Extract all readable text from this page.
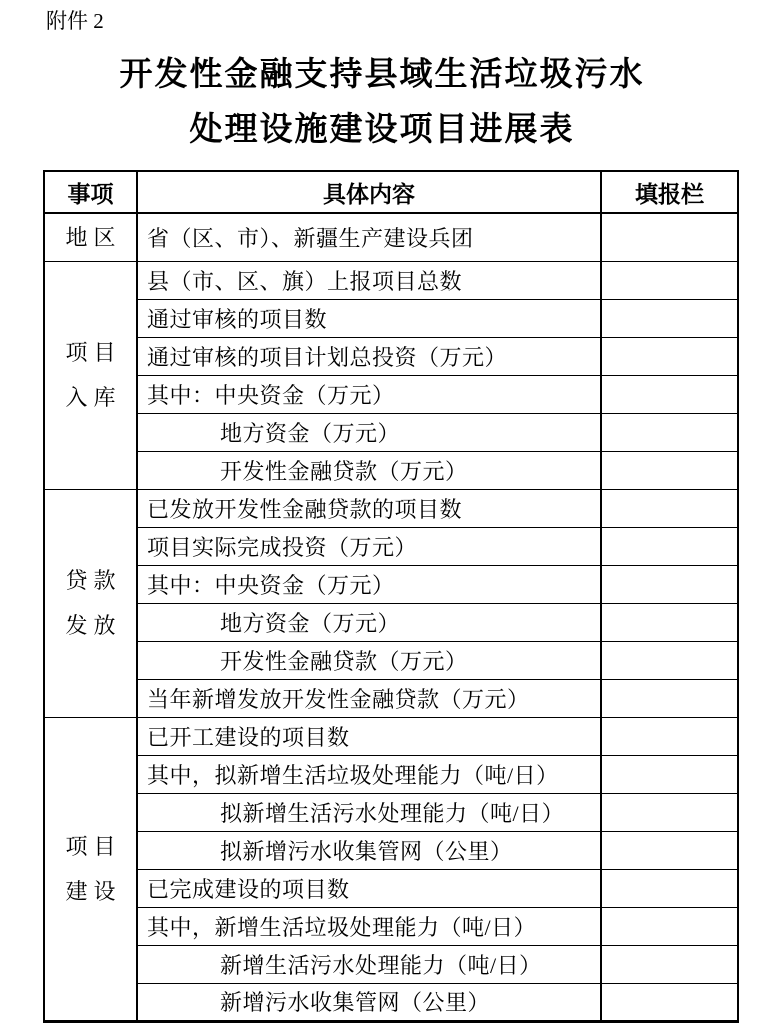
附件 2
开发性金融支持县域生活垃圾污水
处理设施建设项目进展表
事项	具体内容	填报栏

地区	省（区、市）、新疆生产建设兵团	

项目
入库	县（市、区、旗）上报项目总数	
	通过审核的项目数	
	通过审核的项目计划总投资（万元）	
	其中：中央资金（万元）	
	地方资金（万元）	
	开发性金融贷款（万元）	

贷款
发放	已发放开发性金融贷款的项目数	
	项目实际完成投资（万元）	
	其中：中央资金（万元）	
	地方资金（万元）	
	开发性金融贷款（万元）	
	当年新增发放开发性金融贷款（万元）	

项目
建设	已开工建设的项目数	
	其中，拟新增生活垃圾处理能力（吨/日）	
	拟新增生活污水处理能力（吨/日）	
	拟新增污水收集管网（公里）	
	已完成建设的项目数	
	其中，新增生活垃圾处理能力（吨/日）	
	新增生活污水处理能力（吨/日）	
	新增污水收集管网（公里）	
